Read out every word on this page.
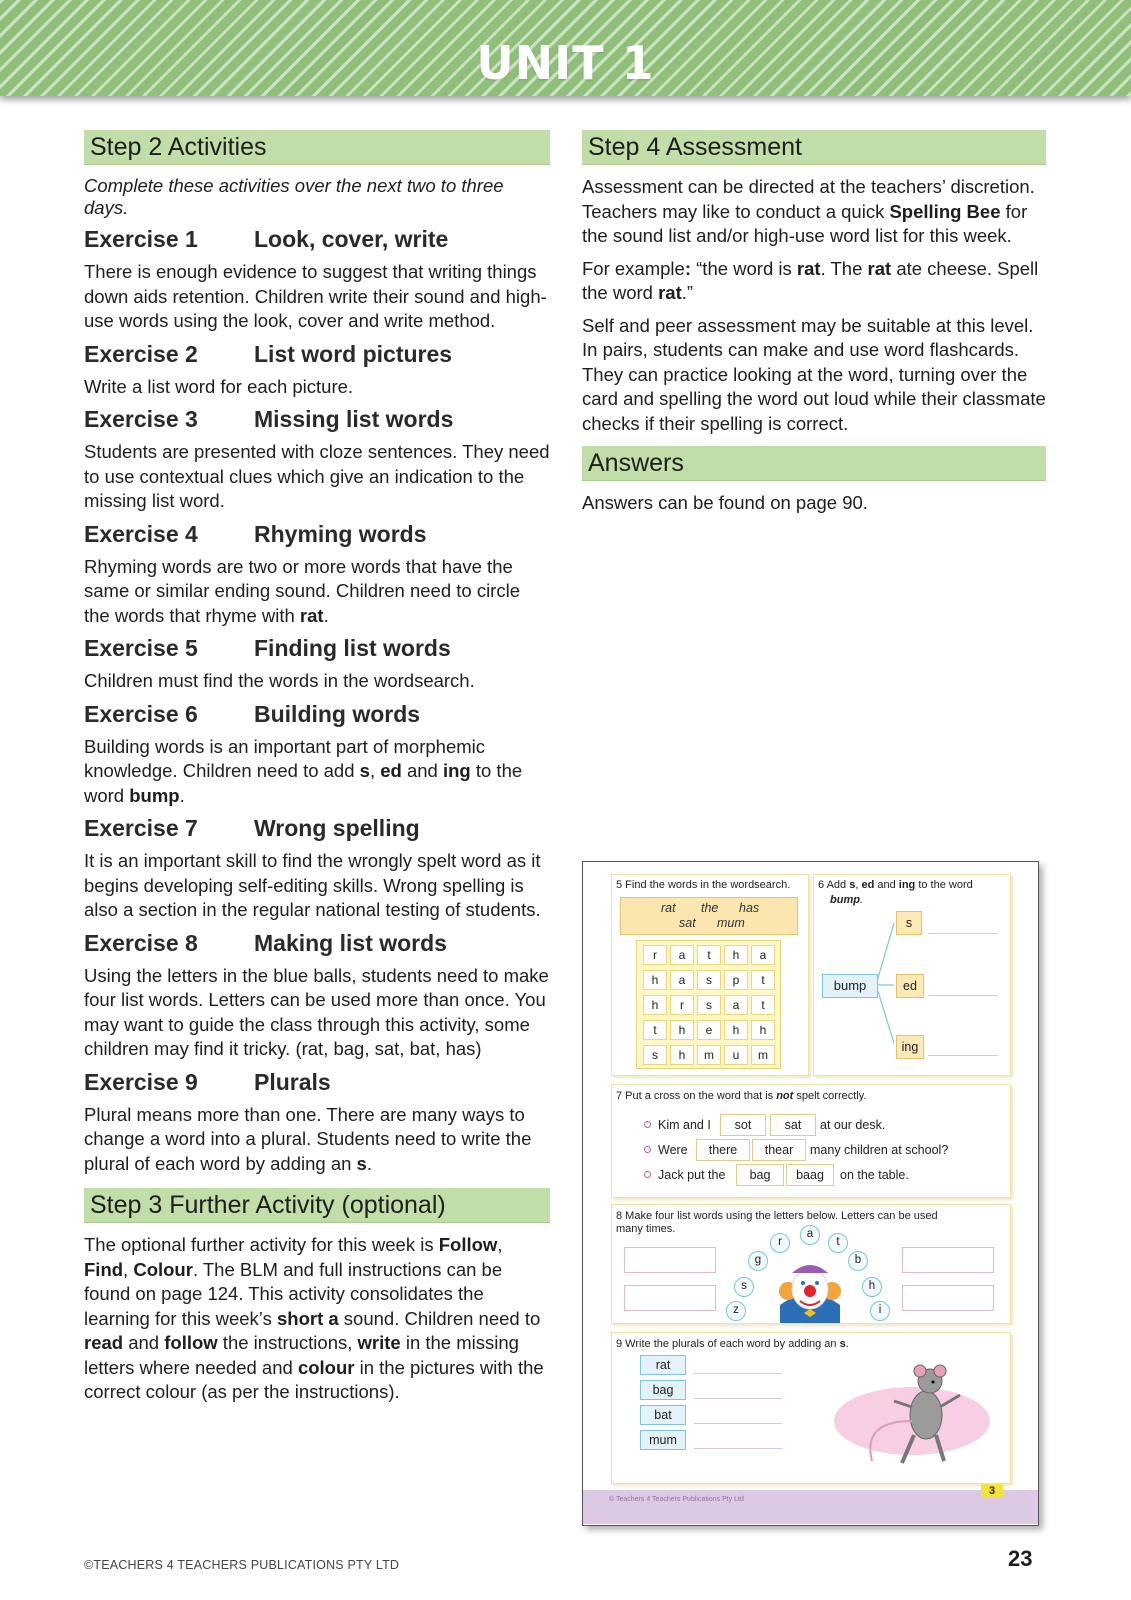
UNIT 1
Step 2 Activities

Complete these activities over the next two to three days.

Exercise 1	Look, cover, write

There is enough evidence to suggest that writing things down aids retention. Children write their sound and high-use words using the look, cover and write method.

Exercise 2	List word pictures

Write a list word for each picture.

Exercise 3	Missing list words

Students are presented with cloze sentences. They need to use contextual clues which give an indication to the missing list word.

Exercise 4	Rhyming words

Rhyming words are two or more words that have the same or similar ending sound. Children need to circle the words that rhyme with rat.

Exercise 5	Finding list words

Children must find the words in the wordsearch.

Exercise 6	Building words

Building words is an important part of morphemic knowledge. Children need to add s, ed and ing to the word bump.

Exercise 7	Wrong spelling

It is an important skill to find the wrongly spelt word as it begins developing self-editing skills. Wrong spelling is also a section in the regular national testing of students.

Exercise 8	Making list words

Using the letters in the blue balls, students need to make four list words. Letters can be used more than once. You may want to guide the class through this activity, some children may find it tricky. (rat, bag, sat, bat, has)

Exercise 9	Plurals

Plural means more than one. There are many ways to change a word into a plural. Students need to write the plural of each word by adding an s.

Step 3 Further Activity (optional)

The optional further activity for this week is Follow, Find, Colour. The BLM and full instructions can be found on page 124. This activity consolidates the learning for this week’s short a sound. Children need to read and follow the instructions, write in the missing letters where needed and colour in the pictures with the correct colour (as per the instructions).

Step 4 Assessment

Assessment can be directed at the teachers’ discretion. Teachers may like to conduct a quick Spelling Bee for the sound list and/or high-use word list for this week.

For example: “the word is rat. The rat ate cheese. Spell the word rat.”

Self and peer assessment may be suitable at this level. In pairs, students can make and use word flashcards. They can practice looking at the word, turning over the card and spelling the word out loud while their classmate checks if their spelling is correct.

Answers

Answers can be found on page 90.

5 Find the words in the wordsearch.
rat the has
sat mum
r	a	t	h	a
h	a	s	p	t
h	r	s	a	t
t	h	e	h	h
s	h	m	u	m
6 Add s, ed and ing to the word
bump.
bump
s
ed
ing
7 Put a cross on the word that is not spelt correctly.
Kim and I	sot	sat	at our desk.
Were	there	thear	many children at school?
Jack put the	bag	baag	on the table.
8 Make four list words using the letters below. Letters can be used many times.
r
a
t
g	b
s	h
z	i
9 Write the plurals of each word by adding an s.
rat
bag
bat
mum
© Teachers 4 Teachers Publications Pty Ltd
3
©TEACHERS 4 TEACHERS PUBLICATIONS PTY LTD	23
